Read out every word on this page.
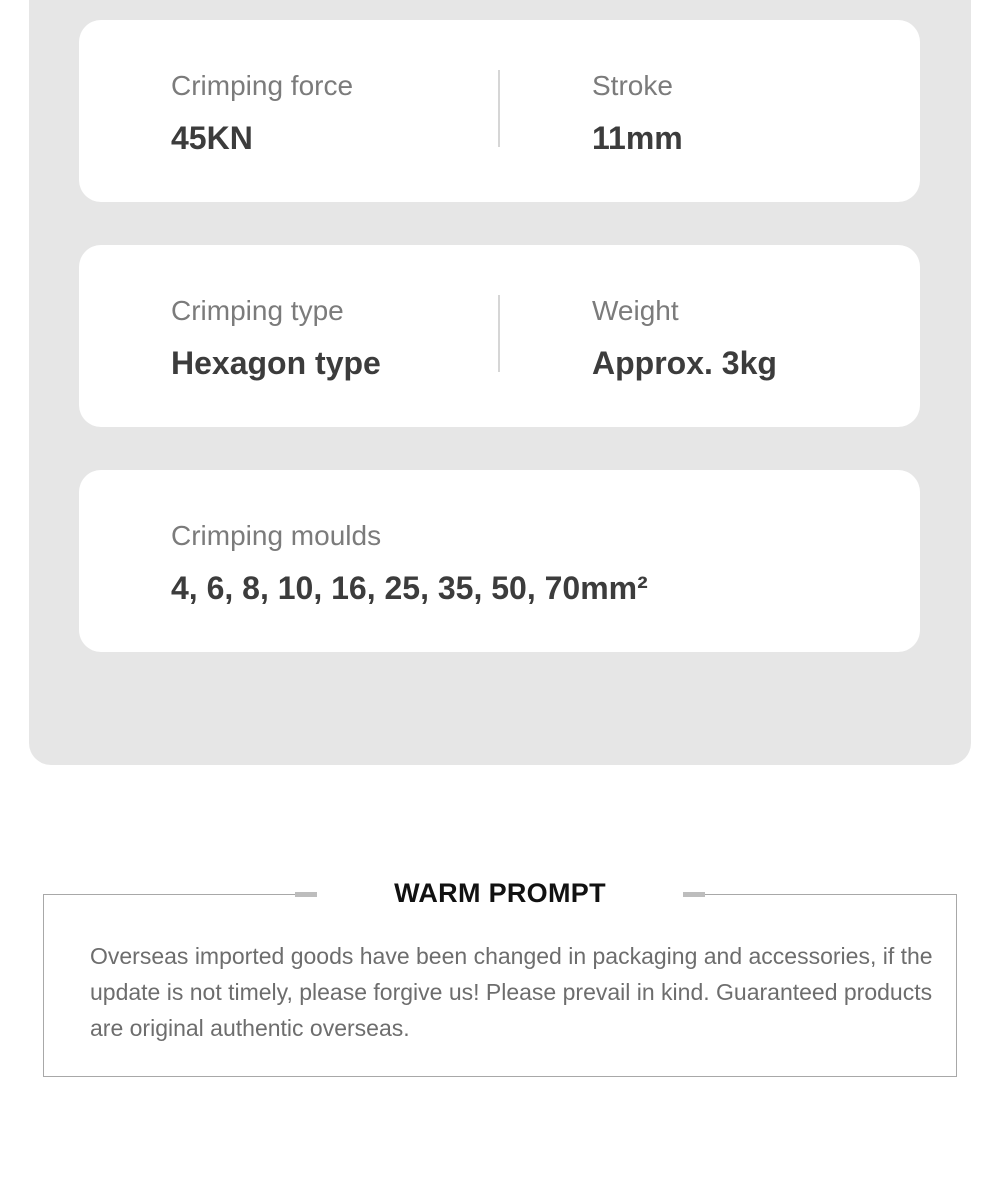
Crimping force
45KN
Stroke
11mm
Crimping type
Hexagon type
Weight
Approx. 3kg
Crimping moulds
4, 6, 8, 10, 16, 25, 35, 50, 70mm²
WARM PROMPT
Overseas imported goods have been changed in packaging and accessories, if the update is not timely, please forgive us! Please prevail in kind. Guaranteed products are original authentic overseas.
